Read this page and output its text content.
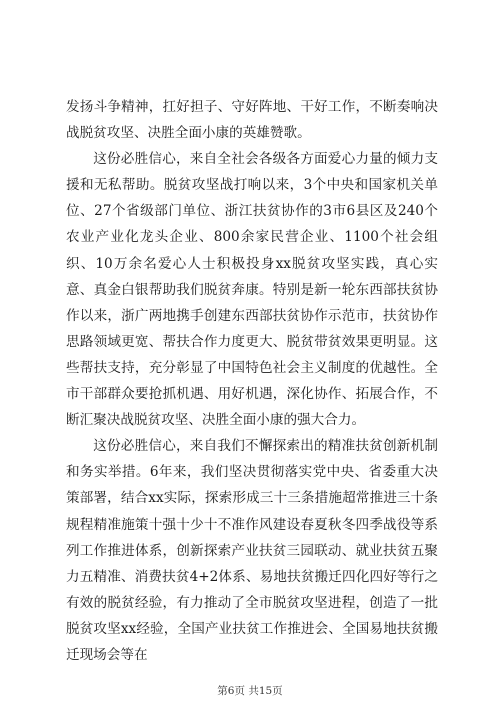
发扬斗争精神，扛好担子、守好阵地、干好工作，不断奏响决战脱贫攻坚、决胜全面小康的英雄赞歌。

这份必胜信心，来自全社会各级各方面爱心力量的倾力支援和无私帮助。脱贫攻坚战打响以来，3个中央和国家机关单位、27个省级部门单位、浙江扶贫协作的3市6县区及240个农业产业化龙头企业、800余家民营企业、1100个社会组织、10万余名爱心人士积极投身xx脱贫攻坚实践，真心实意、真金白银帮助我们脱贫奔康。特别是新一轮东西部扶贫协作以来，浙广两地携手创建东西部扶贫协作示范市，扶贫协作思路领域更宽、帮扶合作力度更大、脱贫带贫效果更明显。这些帮扶支持，充分彰显了中国特色社会主义制度的优越性。全市干部群众要抢抓机遇、用好机遇，深化协作、拓展合作，不断汇聚决战脱贫攻坚、决胜全面小康的强大合力。

这份必胜信心，来自我们不懈探索出的精准扶贫创新机制和务实举措。6年来，我们坚决贯彻落实党中央、省委重大决策部署，结合xx实际，探索形成三十三条措施超常推进三十条规程精准施策十强十少十不准作风建设春夏秋冬四季战役等系列工作推进体系，创新探索产业扶贫三园联动、就业扶贫五聚力五精准、消费扶贫4+2体系、易地扶贫搬迁四化四好等行之有效的脱贫经验，有力推动了全市脱贫攻坚进程，创造了一批脱贫攻坚xx经验，全国产业扶贫工作推进会、全国易地扶贫搬迁现场会等在

第6页 共15页
